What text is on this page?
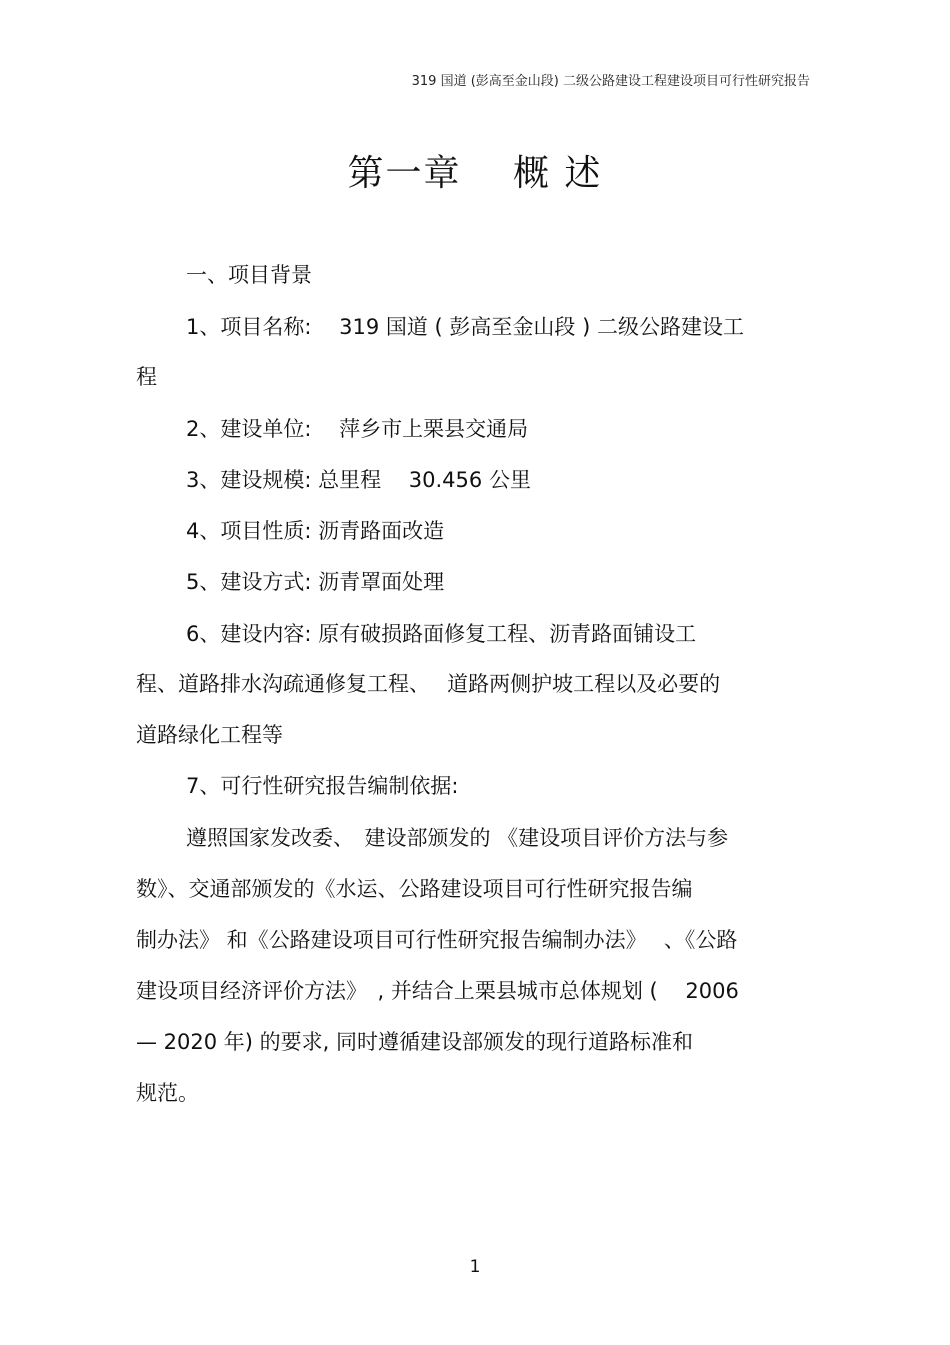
319 国道 (彭高至金山段) 二级公路建设工程建设项目可行性研究报告
第一章　 概 述
一、项目背景
1、项目名称:　 319 国道 ( 彭高至金山段 ) 二级公路建设工
程
2、建设单位:　 萍乡市上栗县交通局
3、建设规模: 总里程　 30.456 公里
4、项目性质: 沥青路面改造
5、建设方式: 沥青罩面处理
6、建设内容: 原有破损路面修复工程、沥青路面铺设工
程、道路排水沟疏通修复工程、　 道路两侧护坡工程以及必要的
道路绿化工程等
7、可行性研究报告编制依据:
遵照国家发改委、　建设部颁发的 《建设项目评价方法与参
数》、交通部颁发的《水运、公路建设项目可行性研究报告编
制办法》 和《公路建设项目可行性研究报告编制办法》　 、《公路
建设项目经济评价方法》　, 并结合上栗县城市总体规划 (　 2006
— 2020 年) 的要求, 同时遵循建设部颁发的现行道路标准和
规范。
1
